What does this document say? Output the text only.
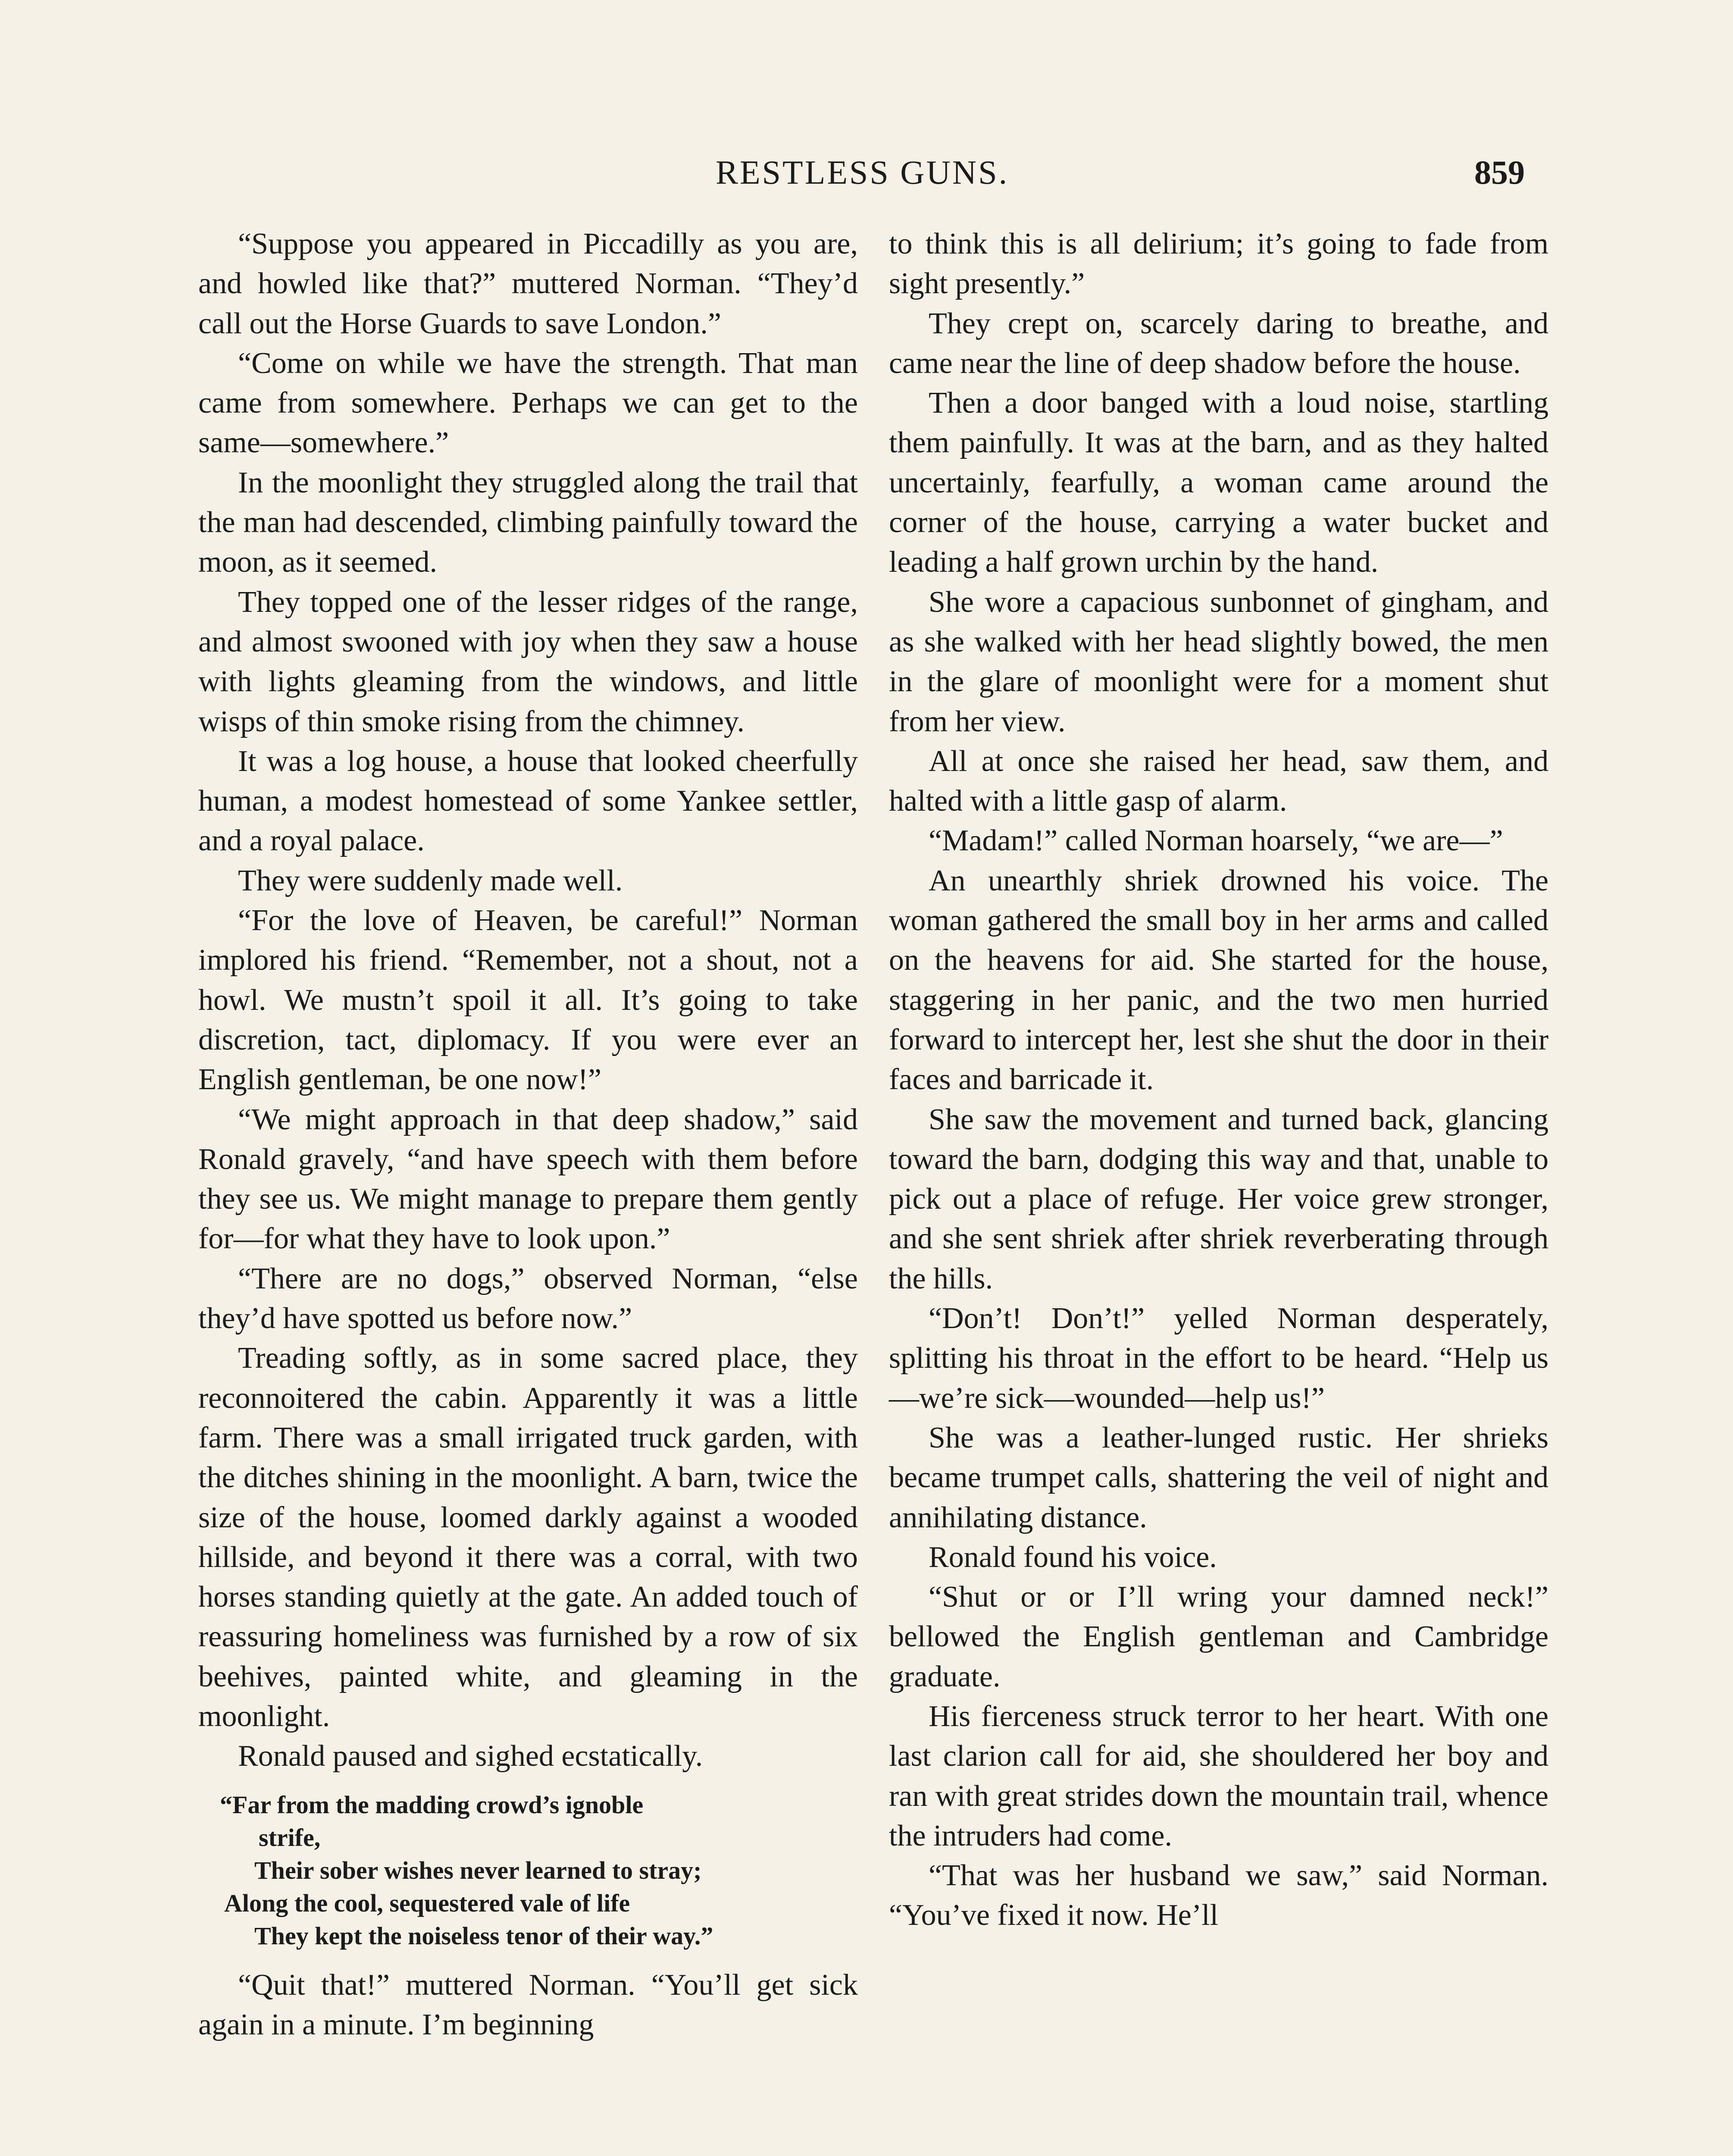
RESTLESS GUNS.	859

“Suppose you appeared in Piccadilly as you are, and howled like that?” muttered Norman. “They’d call out the Horse Guards to save London.”

“Come on while we have the strength. That man came from somewhere. Perhaps we can get to the same—somewhere.”

In the moonlight they struggled along the trail that the man had descended, climbing painfully toward the moon, as it seemed.

They topped one of the lesser ridges of the range, and almost swooned with joy when they saw a house with lights gleaming from the windows, and little wisps of thin smoke rising from the chimney.

It was a log house, a house that looked cheerfully human, a modest homestead of some Yankee settler, and a royal palace.

They were suddenly made well.

“For the love of Heaven, be careful!” Norman implored his friend. “Remember, not a shout, not a howl. We mustn’t spoil it all. It’s going to take discretion, tact, diplomacy. If you were ever an English gentleman, be one now!”

“We might approach in that deep shadow,” said Ronald gravely, “and have speech with them before they see us. We might manage to prepare them gently for—for what they have to look upon.”

“There are no dogs,” observed Norman, “else they’d have spotted us before now.”

Treading softly, as in some sacred place, they reconnoitered the cabin. Apparently it was a little farm. There was a small irrigated truck garden, with the ditches shining in the moonlight. A barn, twice the size of the house, loomed darkly against a wooded hillside, and beyond it there was a corral, with two horses standing quietly at the gate. An added touch of reassuring homeliness was furnished by a row of six beehives, painted white, and gleaming in the moonlight.

Ronald paused and sighed ecstatically.

“Far from the madding crowd’s ignoble
strife,
Their sober wishes never learned to stray;
Along the cool, sequestered vale of life
They kept the noiseless tenor of their way.”

“Quit that!” muttered Norman. “You’ll get sick again in a minute. I’m beginning

to think this is all delirium; it’s going to fade from sight presently.”

They crept on, scarcely daring to breathe, and came near the line of deep shadow before the house.

Then a door banged with a loud noise, startling them painfully. It was at the barn, and as they halted uncertainly, fearfully, a woman came around the corner of the house, carrying a water bucket and leading a half grown urchin by the hand.

She wore a capacious sunbonnet of gingham, and as she walked with her head slightly bowed, the men in the glare of moonlight were for a moment shut from her view.

All at once she raised her head, saw them, and halted with a little gasp of alarm.

“Madam!” called Norman hoarsely, “we are—”

An unearthly shriek drowned his voice. The woman gathered the small boy in her arms and called on the heavens for aid. She started for the house, staggering in her panic, and the two men hurried forward to intercept her, lest she shut the door in their faces and barricade it.

She saw the movement and turned back, glancing toward the barn, dodging this way and that, unable to pick out a place of refuge. Her voice grew stronger, and she sent shriek after shriek reverberating through the hills.

“Don’t! Don’t!” yelled Norman desperately, splitting his throat in the effort to be heard. “Help us—we’re sick—wounded—help us!”

She was a leather-lunged rustic. Her shrieks became trumpet calls, shattering the veil of night and annihilating distance.

Ronald found his voice.

“Shut or or I’ll wring your damned neck!” bellowed the English gentleman and Cambridge graduate.

His fierceness struck terror to her heart. With one last clarion call for aid, she shouldered her boy and ran with great strides down the mountain trail, whence the intruders had come.

“That was her husband we saw,” said Norman. “You’ve fixed it now. He’ll
